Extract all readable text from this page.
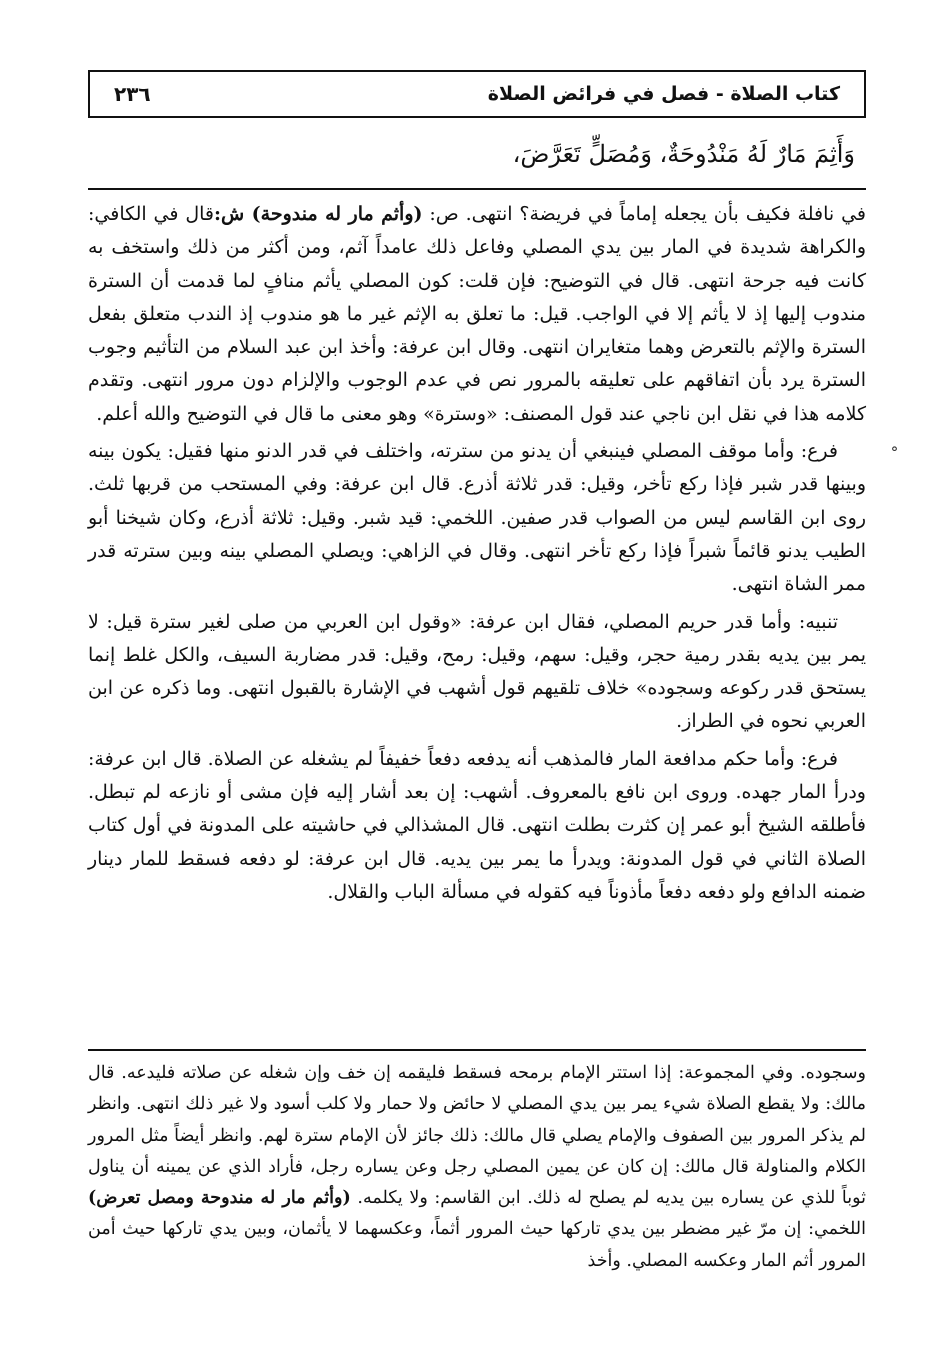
كتاب الصلاة - فصل في فرائض الصلاة
٢٣٦
وَأَثِمَ مَارٌ لَهُ مَنْدُوحَةٌ، وَمُصَلٍّ تَعَرَّضَ،

في نافلة فكيف بأن يجعله إماماً في فريضة؟ انتهى. ص: (وأثم مار له مندوحة) ش:قال في الكافي: والكراهة شديدة في المار بين يدي المصلي وفاعل ذلك عامداً آثم، ومن أكثر من ذلك واستخف به كانت فيه جرحة انتهى. قال في التوضيح: فإن قلت: كون المصلي يأثم منافٍ لما قدمت أن السترة مندوب إليها إذ لا يأثم إلا في الواجب. قيل: ما تعلق به الإثم غير ما هو مندوب إذ الندب متعلق بفعل السترة والإثم بالتعرض وهما متغايران انتهى. وقال ابن عرفة: وأخذ ابن عبد السلام من التأثيم وجوب السترة يرد بأن اتفاقهم على تعليقه بالمرور نص في عدم الوجوب والإلزام دون مرور انتهى. وتقدم كلامه هذا في نقل ابن ناجي عند قول المصنف: «وسترة» وهو معنى ما قال في التوضيح والله أعلم.

فرع: وأما موقف المصلي فينبغي أن يدنو من سترته، واختلف في قدر الدنو منها فقيل: يكون بينه وبينها قدر شبر فإذا ركع تأخر، وقيل: قدر ثلاثة أذرع. قال ابن عرفة: وفي المستحب من قربها ثلث. روى ابن القاسم ليس من الصواب قدر صفين. اللخمي: قيد شبر. وقيل: ثلاثة أذرع، وكان شيخنا أبو الطيب يدنو قائماً شبراً فإذا ركع تأخر انتهى. وقال في الزاهي: ويصلي المصلي بينه وبين سترته قدر ممر الشاة انتهى.

تنبيه: وأما قدر حريم المصلي، فقال ابن عرفة: «وقول ابن العربي من صلى لغير سترة قيل: لا يمر بين يديه بقدر رمية حجر، وقيل: سهم، وقيل: رمح، وقيل: قدر مضاربة السيف، والكل غلط إنما يستحق قدر ركوعه وسجوده» خلاف تلقيهم قول أشهب في الإشارة بالقبول انتهى. وما ذكره عن ابن العربي نحوه في الطراز.

فرع: وأما حكم مدافعة المار فالمذهب أنه يدفعه دفعاً خفيفاً لم يشغله عن الصلاة. قال ابن عرفة: ودرأ المار جهده. وروى ابن نافع بالمعروف. أشهب: إن بعد أشار إليه فإن مشى أو نازعه لم تبطل. فأطلقه الشيخ أبو عمر إن كثرت بطلت انتهى. قال المشذالي في حاشيته على المدونة في أول كتاب الصلاة الثاني في قول المدونة: ويدرأ ما يمر بين يديه. قال ابن عرفة: لو دفعه فسقط للمار دينار ضمنه الدافع ولو دفعه دفعاً مأذوناً فيه كقوله في مسألة الباب والقلال.

˚

وسجوده. وفي المجموعة: إذا استتر الإمام برمحه فسقط فليقمه إن خف وإن شغله عن صلاته فليدعه. قال مالك: ولا يقطع الصلاة شيء يمر بين يدي المصلي لا حائض ولا حمار ولا كلب أسود ولا غير ذلك انتهى. وانظر لم يذكر المرور بين الصفوف والإمام يصلي قال مالك: ذلك جائز لأن الإمام سترة لهم. وانظر أيضاً مثل المرور الكلام والمناولة قال مالك: إن كان عن يمين المصلي رجل وعن يساره رجل، فأراد الذي عن يمينه أن يناول ثوباً للذي عن يساره بين يديه لم يصلح له ذلك. ابن القاسم: ولا يكلمه. (وأثم مار له مندوحة ومصل تعرض) اللخمي: إن مرّ غير مضطر بين يدي تاركها حيث المرور أثماً، وعكسهما لا يأثمان، وبين يدي تاركها حيث أمن المرور أثم المار وعكسه المصلي. وأخذ
